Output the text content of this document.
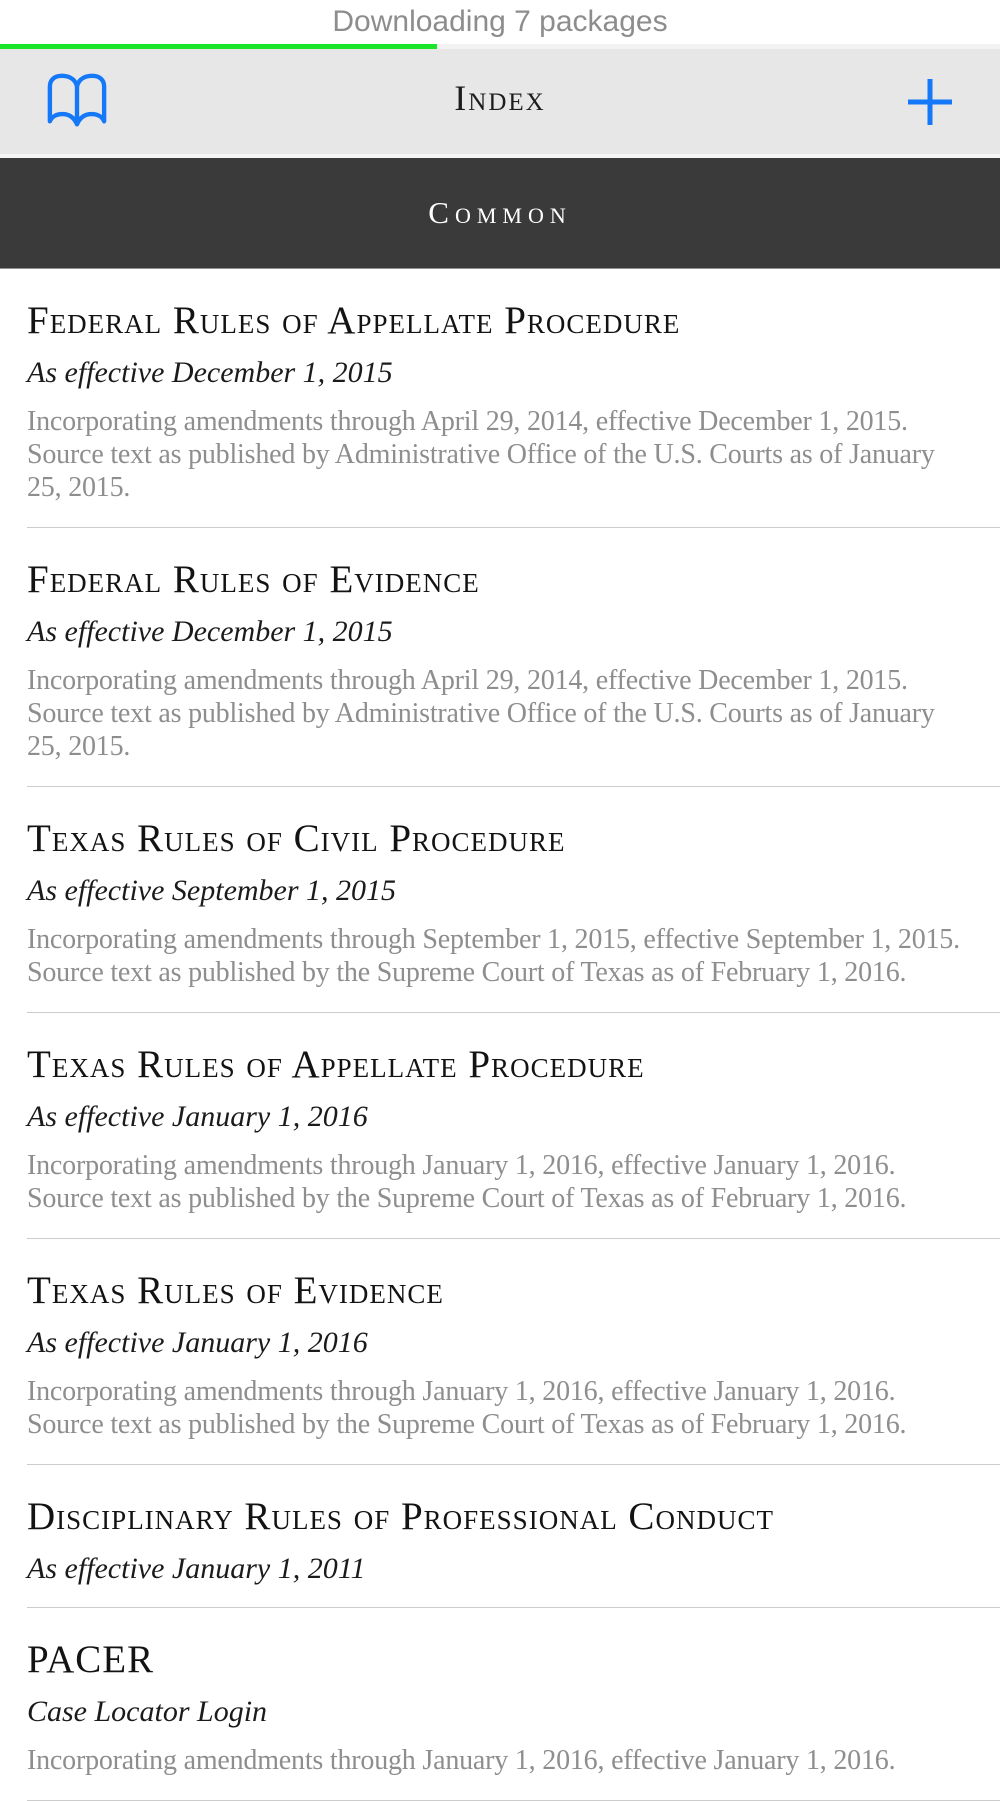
Downloading 7 packages
Index
Common
Federal Rules of Appellate Procedure
As effective December 1, 2015
Incorporating amendments through April 29, 2014, effective December 1, 2015. Source text as published by Administrative Office of the U.S. Courts as of January 25, 2015.
Federal Rules of Evidence
As effective December 1, 2015
Incorporating amendments through April 29, 2014, effective December 1, 2015. Source text as published by Administrative Office of the U.S. Courts as of January 25, 2015.
Texas Rules of Civil Procedure
As effective September 1, 2015
Incorporating amendments through September 1, 2015, effective September 1, 2015. Source text as published by the Supreme Court of Texas as of February 1, 2016.
Texas Rules of Appellate Procedure
As effective January 1, 2016
Incorporating amendments through January 1, 2016, effective January 1, 2016. Source text as published by the Supreme Court of Texas as of February 1, 2016.
Texas Rules of Evidence
As effective January 1, 2016
Incorporating amendments through January 1, 2016, effective January 1, 2016. Source text as published by the Supreme Court of Texas as of February 1, 2016.
Disciplinary Rules of Professional Conduct
As effective January 1, 2011
PACER
Case Locator Login
Incorporating amendments through January 1, 2016, effective January 1, 2016.
